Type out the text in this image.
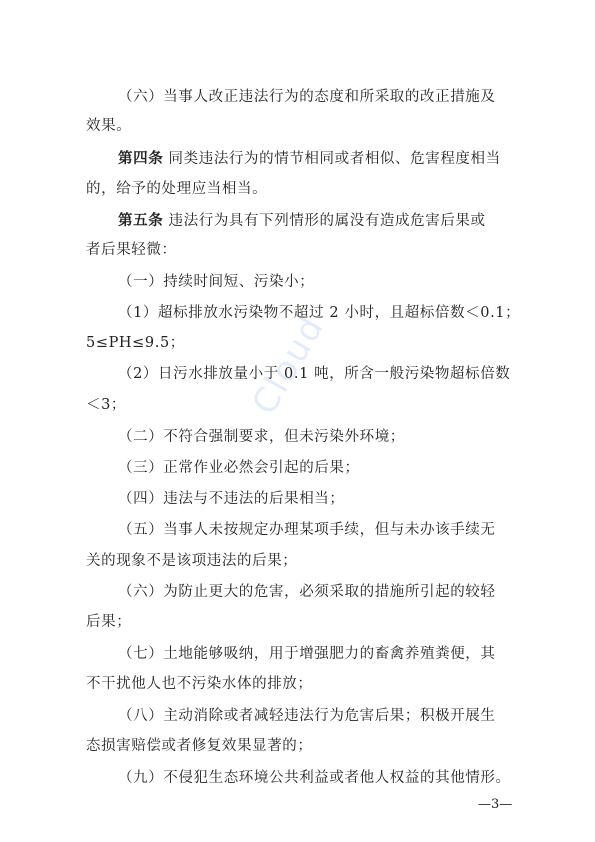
Cloud
（六）当事人改正违法行为的态度和所采取的改正措施及
效果。
第四条 同类违法行为的情节相同或者相似、危害程度相当
的，给予的处理应当相当。
第五条 违法行为具有下列情形的属没有造成危害后果或
者后果轻微：
（一）持续时间短、污染小；
（1）超标排放水污染物不超过 2 小时，且超标倍数＜0.1；
5≤PH≤9.5；
（2）日污水排放量小于 0.1 吨，所含一般污染物超标倍数
＜3；
（二）不符合强制要求，但未污染外环境；
（三）正常作业必然会引起的后果；
（四）违法与不违法的后果相当；
（五）当事人未按规定办理某项手续，但与未办该手续无
关的现象不是该项违法的后果；
（六）为防止更大的危害，必须采取的措施所引起的较轻
后果；
（七）土地能够吸纳，用于增强肥力的畜禽养殖粪便，其
不干扰他人也不污染水体的排放；
（八）主动消除或者减轻违法行为危害后果；积极开展生
态损害赔偿或者修复效果显著的；
（九）不侵犯生态环境公共利益或者他人权益的其他情形。
—3—
